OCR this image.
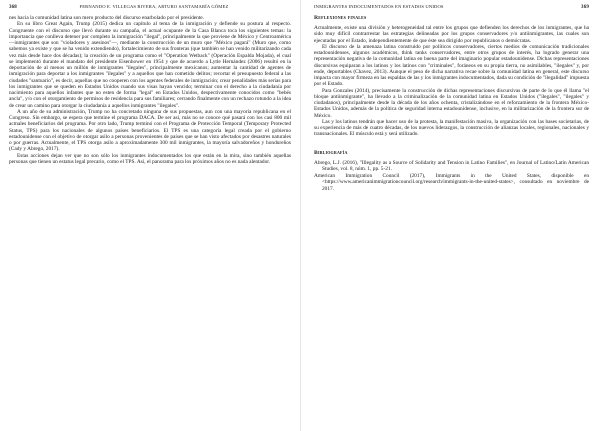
368	FERNANDO E. VILLEGAS RIVERA, ARTURO SANTAMARÍA GÓMEZ

nes hacia la comunidad latina son mero producto del discurso enarbolado por el presidente.

En su libro Great Again, Trump (2015) dedica un capítulo al tema de la inmigración y defiende su postura al respecto. Congruente con el discurso que llevó durante su campaña, el actual ocupante de la Casa Blanca toca los siguientes temas: la importancia que conlleva detener por completo la inmigración "ilegal", principalmente la que proviene de México y Centroamérica —inmigrantes que son "violadores y asesinos"—, mediante la construcción de un muro que "México pagará" (Muro que, como sabemos ya existe y que se ha venido extendiendo), fortalecimiento de sus fronteras (que también se han venido militarizando cada vez más desde hace dos décadas); la creación de un programa como el "Operation Wetback" (Operación Espalda Mojada), el cual se implementó durante el mandato del presidente Eisenhower en 1954 y que de acuerdo a Lytle Hernández (2006) resultó en la deportación de al menos un millón de inmigrantes "ilegales", principalmente mexicanos; aumentar la cantidad de agentes de inmigración para deportar a los inmigrantes "ilegales" y a aquellos que han cometido delitos; recortar el presupuesto federal a las ciudades "santuario", es decir, aquellas que no cooperen con los agentes federales de inmigración; crear penalidades más serias para los inmigrantes que se queden en Estados Unidos cuando sus visas hayan vencido; terminar con el derecho a la ciudadanía por nacimiento para aquellos infantes que no esten de forma "legal" en Estados Unidos, despectivamente conocidos como "bebés ancla", y/o con el otorgamiento de permisos de residencia para sus familiares; cerrando finalmente con un rechazo rotundo a la idea de crear un camino para otorgar la ciudadanía a aquellos inmigrantes "ilegales".

A un año de su administración, Trump no ha concretado ninguna de sus propuestas, aun con una mayoría republicana en el Congreso. Sin embargo, se espera que termine el programa DACA. De ser así, más no se conoce qué pasará con los casi 800 mil acmales beneficiarios del programa. Por otro lado, Trump terminó con el Programa de Protección Temporal (Temporary Protected Status, TPS) para los nacionales de algunos países beneficiarios. El TPS es una categoría legal creada por el gobierno estadounidense con el objetivo de otorgar asilo a personas provenientes de países que se han visto afectados por desastres naturales o por guerras. Actualmente, el TPS otorga asilo a aproximadamente 300 mil inmigrantes, la mayoría salvadoreños y hondureños (Cady y Abrego, 2017).

Estas acciones dejan ver que no son sólo los inmigrantes indocumentados los que están en la mira, sino también aquellas personas que tienen un estatus legal precario, como el TPS. Así, el panorama para los próximos años no es nada alentador.

INMIGRANTES INDOCUMENTADOS EN ESTADOS UNIDOS	369
Reflexiones finales

Actualmente, existe una división y heterogeneidad tal entre los grupos que defienden los derechos de los inmigrantes, que ha sido muy difícil contrarrestar las estrategias delineadas por los grupos conservadores y/o antiinmigrantes, las cuales son ejecutadas por el Estado, independientemente de que éste sea dirigido por republicanos o demócratas.

El discurso de la amenaza latina construido por políticos conservadores, ciertos medios de comunicación tradicionales estadounidenses, algunos académicos, think tanks conservadores, entre otros grupos de interés, ha logrado generar una representación negativa de la comunidad latina en buena parte del imaginario popular estadounidense. Dichas representaciones discursivas equiparan a los latinos y los latinos con "criminales", foráneos en su propia tierra, no asimilables, "ilegales" y, por ende, deportables (Chavez, 2013). Aunque el peso de dicha narrativa recae sobre la comunidad latina en general, este discurso impacta con mayor firmeza en las espaldas de las y los inmigrantes indocumentados, dada su condición de "ilegalidad" impuesta por el Estado.

Para Gonzales (2014), precisamente la construcción de dichas representaciones discursivas de parte de lo que él llama "el bloque antiinmigrante", ha llevado a la criminalización de la comunidad latina en Estados Unidos ("ilegales", "ilegales" y ciudadanos), principalmente desde la década de los años ochenta, cristalizándose en el reforzamiento de la frontera México-Estados Unidos, además de la política de seguridad interna estadounidense, inclusive, en la militarización de la frontera sur de México.

Las y los latinos tendrán que hacer uso de la protesta, la manifestación masiva, la organización con las bases societarias, de su experiencia de más de cuatro décadas, de los nuevos liderazgos, la construcción de alianzas locales, regionales, nacionales y transnacionales. El músculo está y será utilizado.

Bibliografía

Abrego, L.J. (2016), "Illegality as a Source of Solidarity and Tension in Latino Families", en Journal of Latino/Latin American Studies, vol. 8, núm. 1, pp. 5-21.

American Immigration Council (2017), Immigrants in the United States, disponible en <https://www.americanimmigrationcouncil.org/research/immigrants-in-the-united-states>, consultado en noviembre de 2017.
